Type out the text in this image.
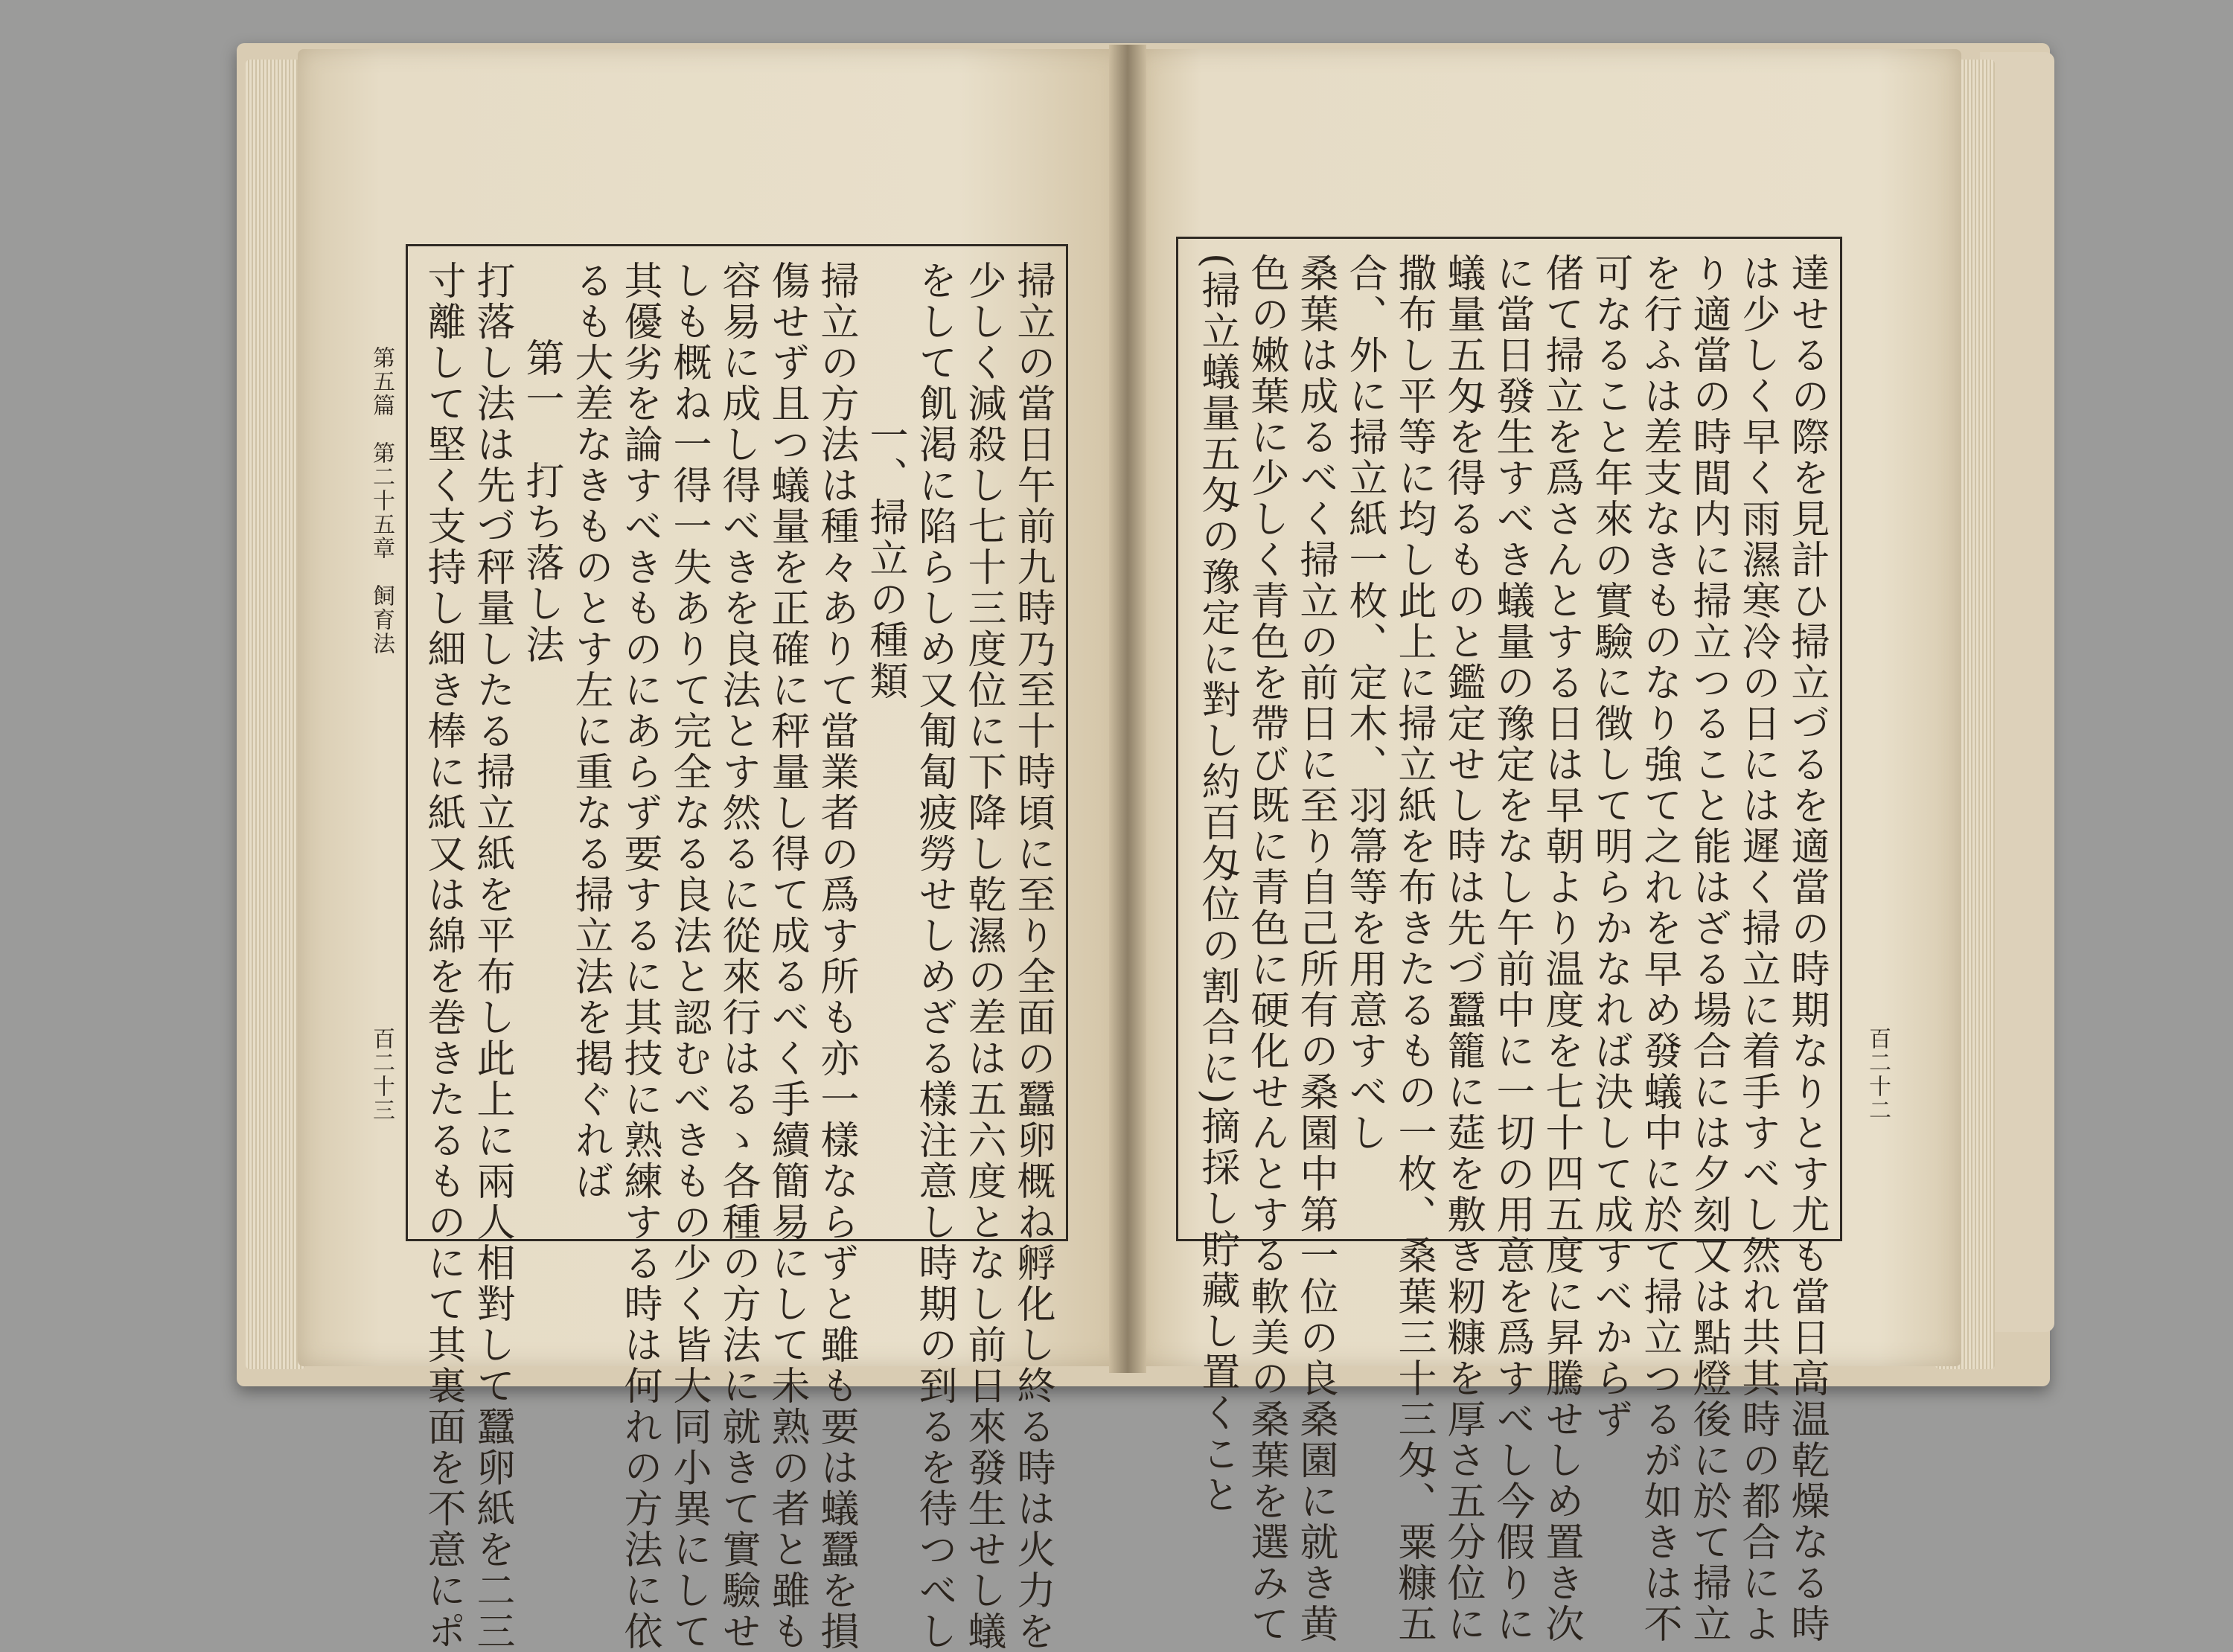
第五篇　第二十五章　飼育法
百二十三	百二十二
掃立の當日午前九時乃至十時頃に至り全面の蠶卵概ね孵化し終る時は火力を
少しく減殺し七十三度位に下降し乾濕の差は五六度となし前日來發生せし蟻
をして飢渇に陷らしめ又匍匐疲勞せしめざる樣注意し時期の到るを待つべし
一、掃立の種類
掃立の方法は種々ありて當業者の爲す所も亦一樣ならずと雖も要は蟻蠶を損
傷せず且つ蟻量を正確に秤量し得て成るべく手續簡易にして未熟の者と雖も
容易に成し得べきを良法とす然るに從來行はるゝ各種の方法に就きて實驗せ
しも概ね一得一失ありて完全なる良法と認むべきもの少く皆大同小異にして
其優劣を論すべきものにあらず要するに其技に熟練する時は何れの方法に依
るも大差なきものとす左に重なる掃立法を掲ぐれば
第一　打ち落し法
打落し法は先づ秤量したる掃立紙を平布し此上に兩人相對して蠶卵紙を二三
寸離して堅く支持し細き棒に紙又は綿を巻きたるものにて其裏面を不意にポ	達せるの際を見計ひ掃立づるを適當の時期なりとす尤も當日高温乾燥なる時
は少しく早く雨濕寒冷の日には遲く掃立に着手すべし然れ共其時の都合によ
り適當の時間内に掃立つること能はざる場合には夕刻又は點燈後に於て掃立
を行ふは差支なきものなり強て之れを早め發蟻中に於て掃立つるが如きは不
可なること年來の實驗に徴して明らかなれば決して成すべからず
偖て掃立を爲さんとする日は早朝より温度を七十四五度に昇騰せしめ置き次
に當日發生すべき蟻量の豫定をなし午前中に一切の用意を爲すべし今假りに
蟻量五匁を得るものと鑑定せし時は先づ蠶籠に莚を敷き籾糠を厚さ五分位に
撒布し平等に均し此上に掃立紙を布きたるもの一枚、桑葉三十三匁、粟糠五
合、外に掃立紙一枚、定木、羽箒等を用意すべし
桑葉は成るべく掃立の前日に至り自己所有の桑園中第一位の良桑園に就き黄
色の嫩葉に少しく青色を帶び既に青色に硬化せんとする軟美の桑葉を選みて
(掃立蟻量五匁の豫定に對し約百匁位の割合に)摘採し貯藏し置くこと
